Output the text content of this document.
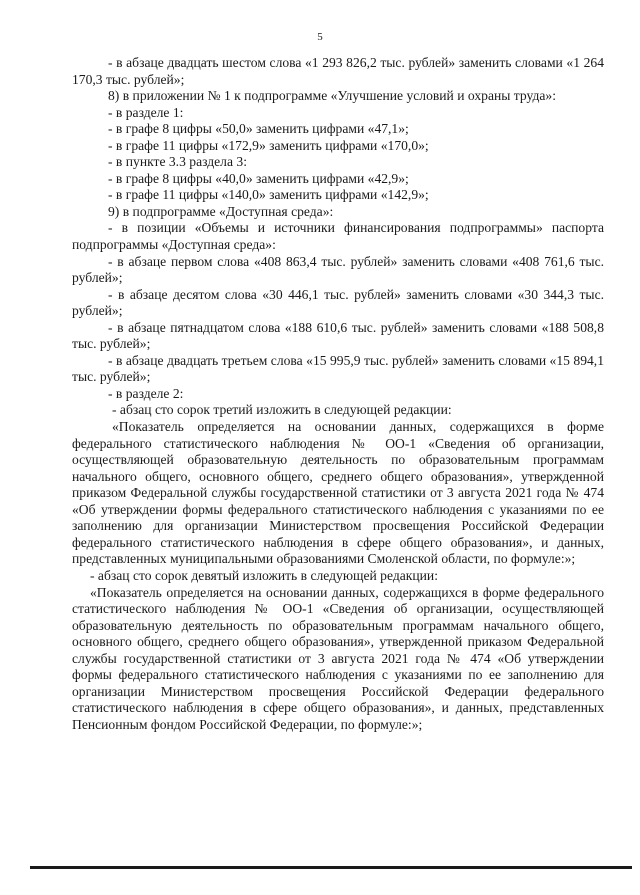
5

- в абзаце двадцать шестом слова «1 293 826,2 тыс. рублей» заменить словами «1 264 170,3 тыс. рублей»;

8) в приложении № 1 к подпрограмме «Улучшение условий и охраны труда»:

- в разделе 1:

- в графе 8 цифры «50,0» заменить цифрами «47,1»;

- в графе 11 цифры «172,9» заменить цифрами «170,0»;

- в пункте 3.3 раздела 3:

- в графе 8 цифры «40,0» заменить цифрами «42,9»;

- в графе 11 цифры «140,0» заменить цифрами «142,9»;

9) в подпрограмме «Доступная среда»:

- в позиции «Объемы и источники финансирования подпрограммы» паспорта подпрограммы «Доступная среда»:

- в абзаце первом слова «408 863,4 тыс. рублей» заменить словами «408 761,6 тыс. рублей»;

- в абзаце десятом слова «30 446,1 тыс. рублей» заменить словами «30 344,3 тыс. рублей»;

- в абзаце пятнадцатом слова «188 610,6 тыс. рублей» заменить словами «188 508,8 тыс. рублей»;

- в абзаце двадцать третьем слова «15 995,9 тыс. рублей» заменить словами «15 894,1 тыс. рублей»;

- в разделе 2:

- абзац сто сорок третий изложить в следующей редакции:

«Показатель определяется на основании данных, содержащихся в форме федерального статистического наблюдения № ОО-1 «Сведения об организации, осуществляющей образовательную деятельность по образовательным программам начального общего, основного общего, среднего общего образования», утвержденной приказом Федеральной службы государственной статистики от 3 августа 2021 года № 474 «Об утверждении формы федерального статистического наблюдения с указаниями по ее заполнению для организации Министерством просвещения Российской Федерации федерального статистического наблюдения в сфере общего образования», и данных, представленных муниципальными образованиями Смоленской области, по формуле:»;

- абзац сто сорок девятый изложить в следующей редакции:

«Показатель определяется на основании данных, содержащихся в форме федерального статистического наблюдения № ОО-1 «Сведения об организации, осуществляющей образовательную деятельность по образовательным программам начального общего, основного общего, среднего общего образования», утвержденной приказом Федеральной службы государственной статистики от 3 августа 2021 года № 474 «Об утверждении формы федерального статистического наблюдения с указаниями по ее заполнению для организации Министерством просвещения Российской Федерации федерального статистического наблюдения в сфере общего образования», и данных, представленных Пенсионным фондом Российской Федерации, по формуле:»;
